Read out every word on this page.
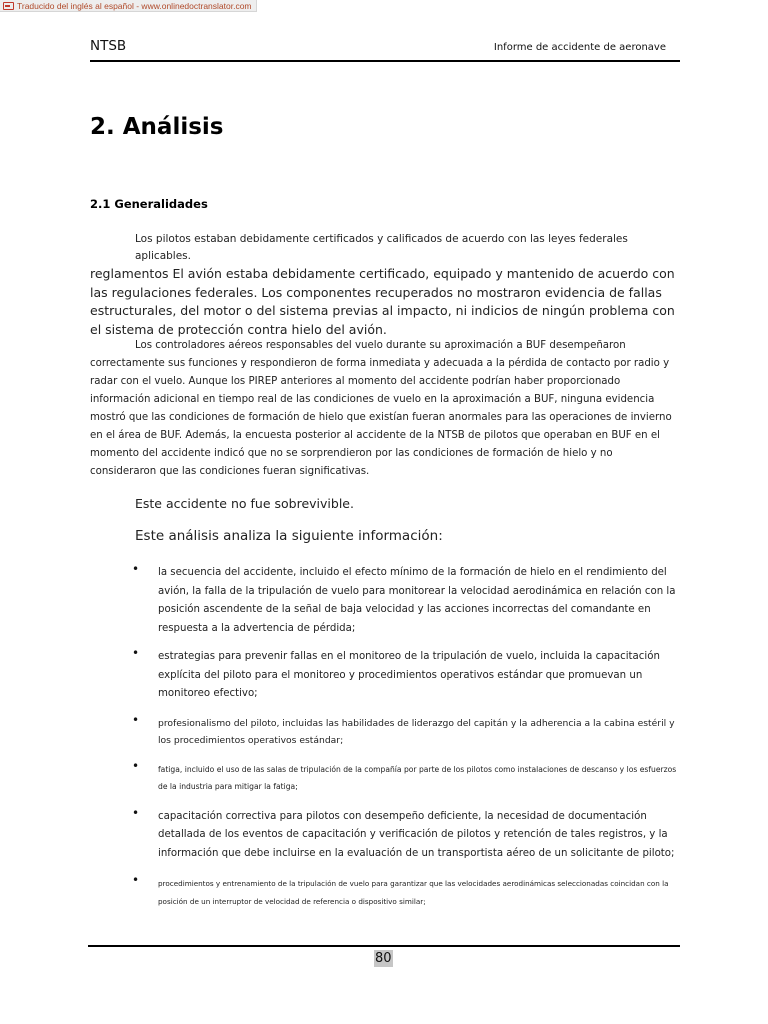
Traducido del inglés al español - www.onlinedoctranslator.com
NTSB	Informe de accidente de aeronave
2. Análisis
2.1 Generalidades

Los pilotos estaban debidamente certificados y calificados de acuerdo con las leyes federales aplicables.
reglamentos El avión estaba debidamente certificado, equipado y mantenido de acuerdo con las regulaciones federales. Los componentes recuperados no mostraron evidencia de fallas estructurales, del motor o del sistema previas al impacto, ni indicios de ningún problema con el sistema de protección contra hielo del avión.

Los controladores aéreos responsables del vuelo durante su aproximación a BUF desempeñaron correctamente sus funciones y respondieron de forma inmediata y adecuada a la pérdida de contacto por radio y radar con el vuelo. Aunque los PIREP anteriores al momento del accidente podrían haber proporcionado información adicional en tiempo real de las condiciones de vuelo en la aproximación a BUF, ninguna evidencia mostró que las condiciones de formación de hielo que existían fueran anormales para las operaciones de invierno en el área de BUF. Además, la encuesta posterior al accidente de la NTSB de pilotos que operaban en BUF en el momento del accidente indicó que no se sorprendieron por las condiciones de formación de hielo y no consideraron que las condiciones fueran significativas.

Este accidente no fue sobrevivible.

Este análisis analiza la siguiente información:

• la secuencia del accidente, incluido el efecto mínimo de la formación de hielo en el rendimiento del avión, la falla de la tripulación de vuelo para monitorear la velocidad aerodinámica en relación con la posición ascendente de la señal de baja velocidad y las acciones incorrectas del comandante en respuesta a la advertencia de pérdida;
• estrategias para prevenir fallas en el monitoreo de la tripulación de vuelo, incluida la capacitación explícita del piloto para el monitoreo y procedimientos operativos estándar que promuevan un monitoreo efectivo;
• profesionalismo del piloto, incluidas las habilidades de liderazgo del capitán y la adherencia a la cabina estéril y los procedimientos operativos estándar;
• fatiga, incluido el uso de las salas de tripulación de la compañía por parte de los pilotos como instalaciones de descanso y los esfuerzos de la industria para mitigar la fatiga;
• capacitación correctiva para pilotos con desempeño deficiente, la necesidad de documentación detallada de los eventos de capacitación y verificación de pilotos y retención de tales registros, y la información que debe incluirse en la evaluación de un transportista aéreo de un solicitante de piloto;
•	procedimientos y entrenamiento de la tripulación de vuelo para garantizar que las velocidades aerodinámicas seleccionadas coincidan con la posición de un interruptor de velocidad de referencia o dispositivo similar;
80
